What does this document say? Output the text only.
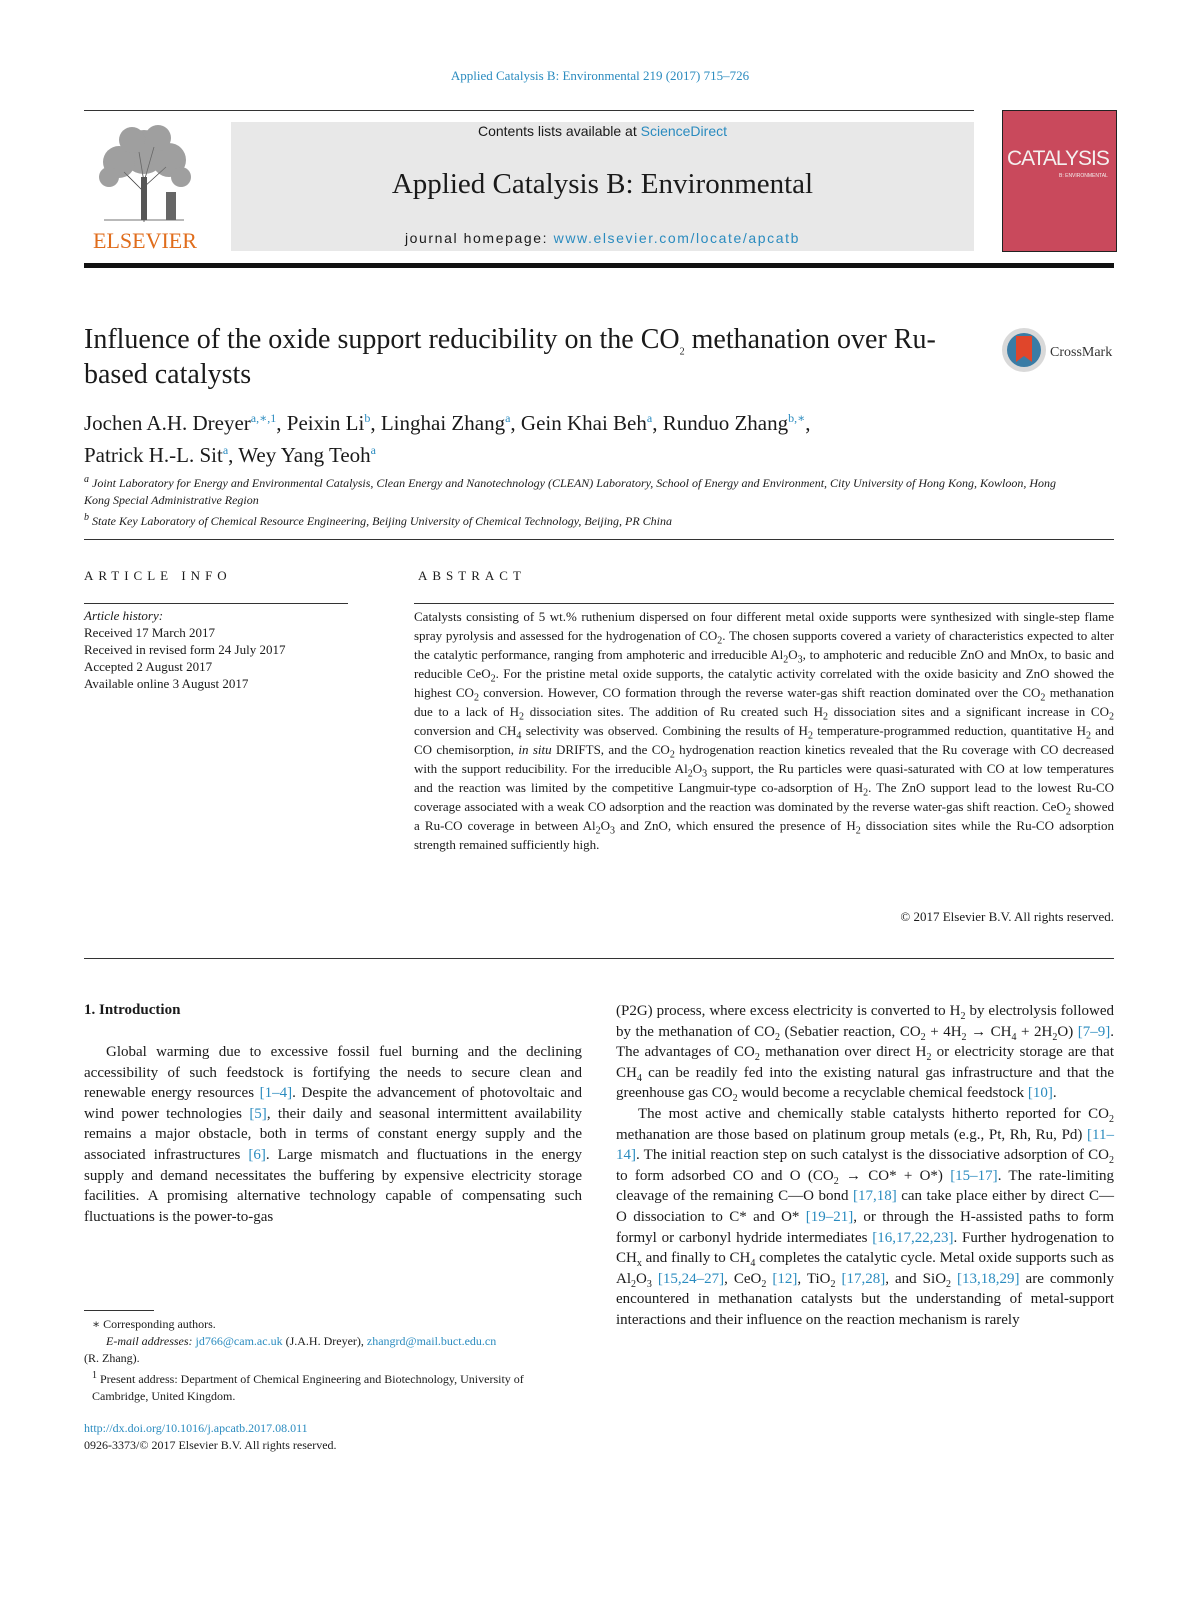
Applied Catalysis B: Environmental 219 (2017) 715–726
ELSEVIER
Contents lists available at ScienceDirect
Applied Catalysis B: Environmental
journal homepage: www.elsevier.com/locate/apcatb
CATALYSIS
B: ENVIRONMENTAL
Influence of the oxide support reducibility on the $CO_2$ methanation over Ru-based catalysts
CrossMark
Jochen A.H. Dreyer$^{a,∗,1}$, Peixin Li$^b$, Linghai Zhang$^a$, Gein Khai Beh$^a$, Runduo Zhang$^{b,∗}$,
Patrick H.-L. Sit$^a$, Wey Yang Teoh$^a$
$^a$ Joint Laboratory for Energy and Environmental Catalysis, Clean Energy and Nanotechnology (CLEAN) Laboratory, School of Energy and Environment, City University of Hong Kong, Kowloon, Hong Kong Special Administrative Region
$^b$ State Key Laboratory of Chemical Resource Engineering, Beijing University of Chemical Technology, Beijing, PR China
ARTICLE INFO	ABSTRACT
Article history:
Received 17 March 2017
Received in revised form 24 July 2017
Accepted 2 August 2017
Available online 3 August 2017
Catalysts consisting of 5 wt.% ruthenium dispersed on four different metal oxide supports were synthesized with single-step flame spray pyrolysis and assessed for the hydrogenation of $CO_2$. The chosen supports covered a variety of characteristics expected to alter the catalytic performance, ranging from amphoteric and irreducible $Al_2O_3$, to amphoteric and reducible ZnO and MnOx, to basic and reducible CeO$_2$. For the pristine metal oxide supports, the catalytic activity correlated with the oxide basicity and ZnO showed the highest $CO_2$ conversion. However, CO formation through the reverse water-gas shift reaction dominated over the $CO_2$ methanation due to a lack of $H_2$ dissociation sites. The addition of Ru created such $H_2$ dissociation sites and a significant increase in $CO_2$ conversion and $CH_4$ selectivity was observed. Combining the results of $H_2$ temperature-programmed reduction, quantitative $H_2$ and CO chemisorption, in situ DRIFTS, and the $CO_2$ hydrogenation reaction kinetics revealed that the Ru coverage with CO decreased with the support reducibility. For the irreducible $Al_2O_3$ support, the Ru particles were quasi-saturated with CO at low temperatures and the reaction was limited by the competitive Langmuir-type co-adsorption of $H_2$. The ZnO support lead to the lowest Ru-CO coverage associated with a weak CO adsorption and the reaction was dominated by the reverse water-gas shift reaction. CeO$_2$ showed a Ru-CO coverage in between $Al_2O_3$ and ZnO, which ensured the presence of $H_2$ dissociation sites while the Ru-CO adsorption strength remained sufficiently high.
© 2017 Elsevier B.V. All rights reserved.
1. Introduction

Global warming due to excessive fossil fuel burning and the declining accessibility of such feedstock is fortifying the needs to secure clean and renewable energy resources [1–4]. Despite the advancement of photovoltaic and wind power technologies [5], their daily and seasonal intermittent availability remains a major obstacle, both in terms of constant energy supply and the associated infrastructures [6]. Large mismatch and fluctuations in the energy supply and demand necessitates the buffering by expensive electricity storage facilities. A promising alternative technology capable of compensating such fluctuations is the power-to-gas

(P2G) process, where excess electricity is converted to $H_2$ by electrolysis followed by the methanation of $CO_2$ (Sebatier reaction, $CO_2 + 4H_2 \to CH_4 + 2H_2O$) [7–9]. The advantages of $CO_2$ methanation over direct $H_2$ or electricity storage are that $CH_4$ can be readily fed into the existing natural gas infrastructure and that the greenhouse gas $CO_2$ would become a recyclable chemical feedstock [10].

The most active and chemically stable catalysts hitherto reported for $CO_2$ methanation are those based on platinum group metals (e.g., Pt, Rh, Ru, Pd) [11–14]. The initial reaction step on such catalyst is the dissociative adsorption of $CO_2$ to form adsorbed CO and O $(CO_2 \to CO* + O*)$ [15–17]. The rate-limiting cleavage of the remaining C—O bond [17,18] can take place either by direct C—O dissociation to C* and O* [19–21], or through the H-assisted paths to form formyl or carbonyl hydride intermediates [16,17,22,23]. Further hydrogenation to $CH_x$ and finally to $CH_4$ completes the catalytic cycle. Metal oxide supports such as $Al_2O_3$ [15,24–27], CeO$_2$ [12], TiO$_2$ [17,28], and SiO$_2$ [13,18,29] are commonly encountered in methanation catalysts but the understanding of metal-support interactions and their influence on the reaction mechanism is rarely

∗ Corresponding authors.
E-mail addresses: jd766@cam.ac.uk (J.A.H. Dreyer), zhangrd@mail.buct.edu.cn
(R. Zhang).
$^1$ Present address: Department of Chemical Engineering and Biotechnology, University of Cambridge, United Kingdom.
http://dx.doi.org/10.1016/j.apcatb.2017.08.011
0926-3373/© 2017 Elsevier B.V. All rights reserved.
